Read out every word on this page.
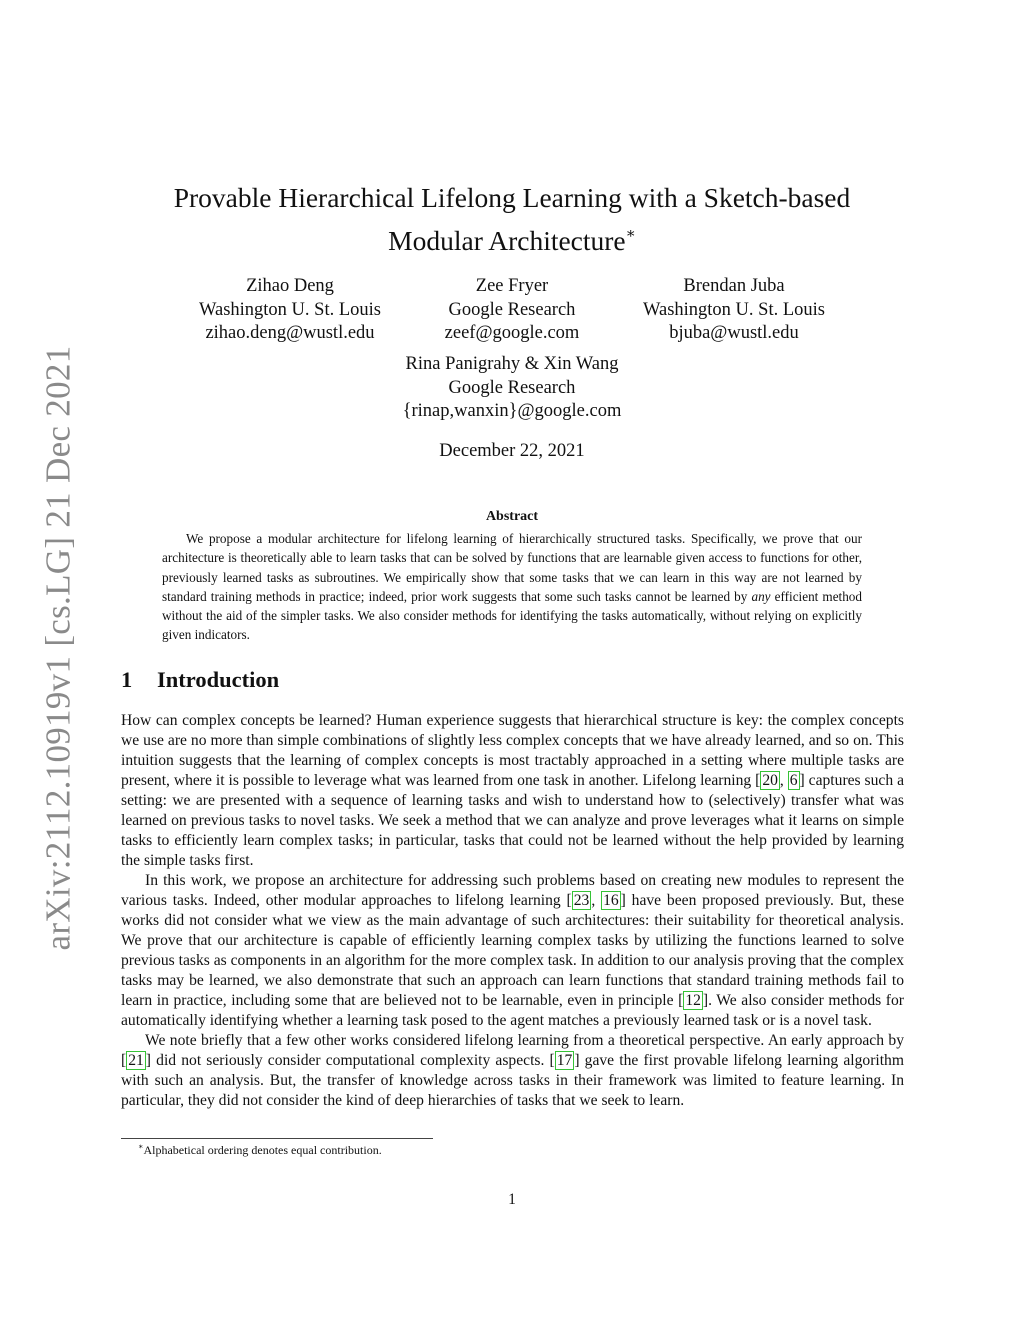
arXiv:2112.10919v1 [cs.LG] 21 Dec 2021
Provable Hierarchical Lifelong Learning with a Sketch-based
Modular Architecture∗
Zihao Deng
Washington U. St. Louis
zihao.deng@wustl.edu
Zee Fryer
Google Research
zeef@google.com
Brendan Juba
Washington U. St. Louis
bjuba@wustl.edu
Rina Panigrahy & Xin Wang
Google Research
{rinap,wanxin}@google.com
December 22, 2021
Abstract

We propose a modular architecture for lifelong learning of hierarchically structured tasks. Specifically, we prove that our architecture is theoretically able to learn tasks that can be solved by functions that are learnable given access to functions for other, previously learned tasks as subroutines. We empirically show that some tasks that we can learn in this way are not learned by standard training methods in practice; indeed, prior work suggests that some such tasks cannot be learned by any efficient method without the aid of the simpler tasks. We also consider methods for identifying the tasks automatically, without relying on explicitly given indicators.

1 Introduction

How can complex concepts be learned? Human experience suggests that hierarchical structure is key: the complex concepts we use are no more than simple combinations of slightly less complex concepts that we have already learned, and so on. This intuition suggests that the learning of complex concepts is most tractably approached in a setting where multiple tasks are present, where it is possible to leverage what was learned from one task in another. Lifelong learning [ 20 , 6 ] captures such a setting: we are presented with a sequence of learning tasks and wish to understand how to (selectively) transfer what was learned on previous tasks to novel tasks. We seek a method that we can analyze and prove leverages what it learns on simple tasks to efficiently learn complex tasks; in particular, tasks that could not be learned without the help provided by learning the simple tasks first.

In this work, we propose an architecture for addressing such problems based on creating new modules to represent the various tasks. Indeed, other modular approaches to lifelong learning [ 23 , 16 ] have been proposed previously. But, these works did not consider what we view as the main advantage of such architectures: their suitability for theoretical analysis. We prove that our architecture is capable of efficiently learning complex tasks by utilizing the functions learned to solve previous tasks as components in an algorithm for the more complex task. In addition to our analysis proving that the complex tasks may be learned, we also demonstrate that such an approach can learn functions that standard training methods fail to learn in practice, including some that are believed not to be learnable, even in principle [ 12 ]. We also consider methods for automatically identifying whether a learning task posed to the agent matches a previously learned task or is a novel task.

We note briefly that a few other works considered lifelong learning from a theoretical perspective. An early approach by [ 21 ] did not seriously consider computational complexity aspects. [ 17 ] gave the first provable lifelong learning algorithm with such an analysis. But, the transfer of knowledge across tasks in their framework was limited to feature learning. In particular, they did not consider the kind of deep hierarchies of tasks that we seek to learn.

∗Alphabetical ordering denotes equal contribution.
1
